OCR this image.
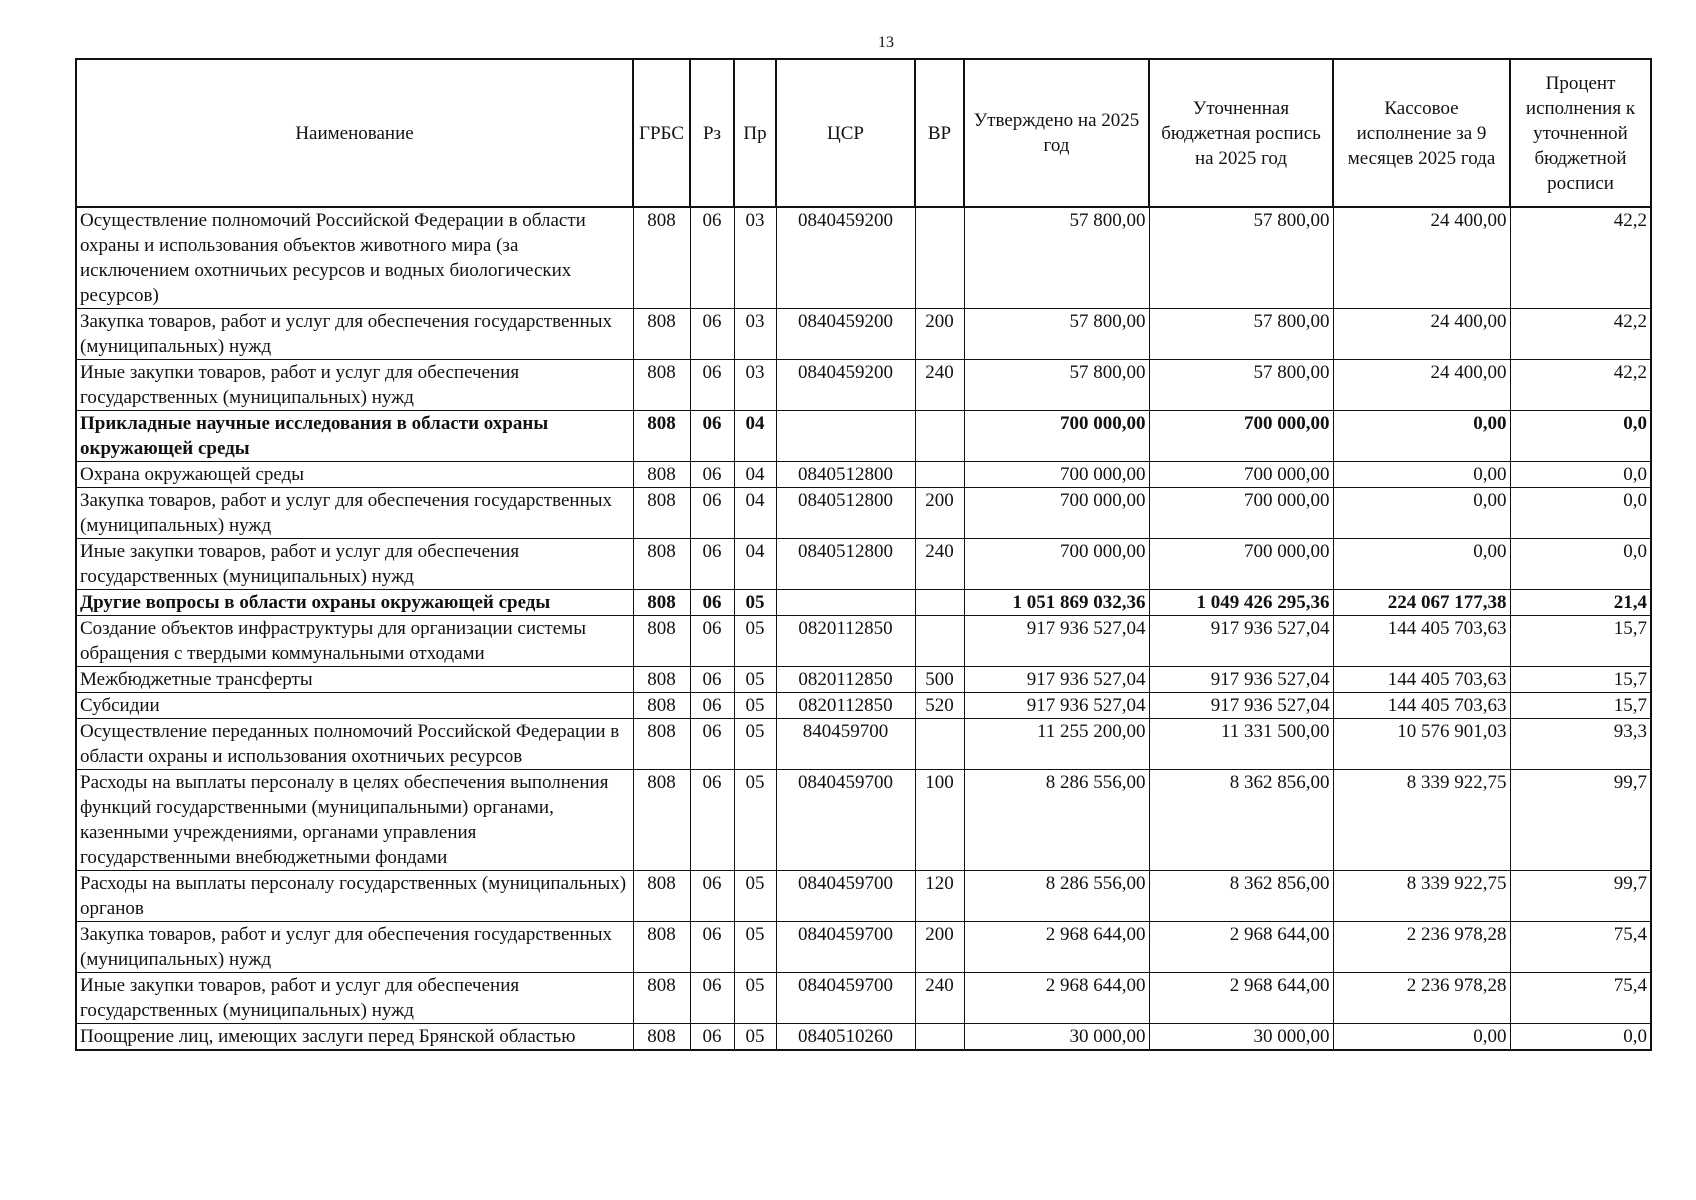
13
Наименование	ГРБС	Рз	Пр	ЦСР	ВР	Утверждено на 2025 год	Уточненная бюджетная роспись на 2025 год	Кассовое исполнение за 9 месяцев 2025 года	Процент исполнения к уточненной бюджетной росписи
Осуществление полномочий Российской Федерации в области охраны и использования объектов животного мира (за исключением охотничьих ресурсов и водных биологических ресурсов)	808	06	03	0840459200		57 800,00	57 800,00	24 400,00	42,2
Закупка товаров, работ и услуг для обеспечения государственных (муниципальных) нужд	808	06	03	0840459200	200	57 800,00	57 800,00	24 400,00	42,2
Иные закупки товаров, работ и услуг для обеспечения государственных (муниципальных) нужд	808	06	03	0840459200	240	57 800,00	57 800,00	24 400,00	42,2
Прикладные научные исследования в области охраны окружающей среды	808	06	04			700 000,00	700 000,00	0,00	0,0
Охрана окружающей среды	808	06	04	0840512800		700 000,00	700 000,00	0,00	0,0
Закупка товаров, работ и услуг для обеспечения государственных (муниципальных) нужд	808	06	04	0840512800	200	700 000,00	700 000,00	0,00	0,0
Иные закупки товаров, работ и услуг для обеспечения государственных (муниципальных) нужд	808	06	04	0840512800	240	700 000,00	700 000,00	0,00	0,0
Другие вопросы в области охраны окружающей среды	808	06	05			1 051 869 032,36	1 049 426 295,36	224 067 177,38	21,4
Создание объектов инфраструктуры для организации системы обращения с твердыми коммунальными отходами	808	06	05	0820112850		917 936 527,04	917 936 527,04	144 405 703,63	15,7
Межбюджетные трансферты	808	06	05	0820112850	500	917 936 527,04	917 936 527,04	144 405 703,63	15,7
Субсидии	808	06	05	0820112850	520	917 936 527,04	917 936 527,04	144 405 703,63	15,7
Осуществление переданных полномочий Российской Федерации в области охраны и использования охотничьих ресурсов	808	06	05	840459700		11 255 200,00	11 331 500,00	10 576 901,03	93,3
Расходы на выплаты персоналу в целях обеспечения выполнения функций государственными (муниципальными) органами, казенными учреждениями, органами управления государственными внебюджетными фондами	808	06	05	0840459700	100	8 286 556,00	8 362 856,00	8 339 922,75	99,7
Расходы на выплаты персоналу государственных (муниципальных) органов	808	06	05	0840459700	120	8 286 556,00	8 362 856,00	8 339 922,75	99,7
Закупка товаров, работ и услуг для обеспечения государственных (муниципальных) нужд	808	06	05	0840459700	200	2 968 644,00	2 968 644,00	2 236 978,28	75,4
Иные закупки товаров, работ и услуг для обеспечения государственных (муниципальных) нужд	808	06	05	0840459700	240	2 968 644,00	2 968 644,00	2 236 978,28	75,4
Поощрение лиц, имеющих заслуги перед Брянской областью	808	06	05	0840510260		30 000,00	30 000,00	0,00	0,0
